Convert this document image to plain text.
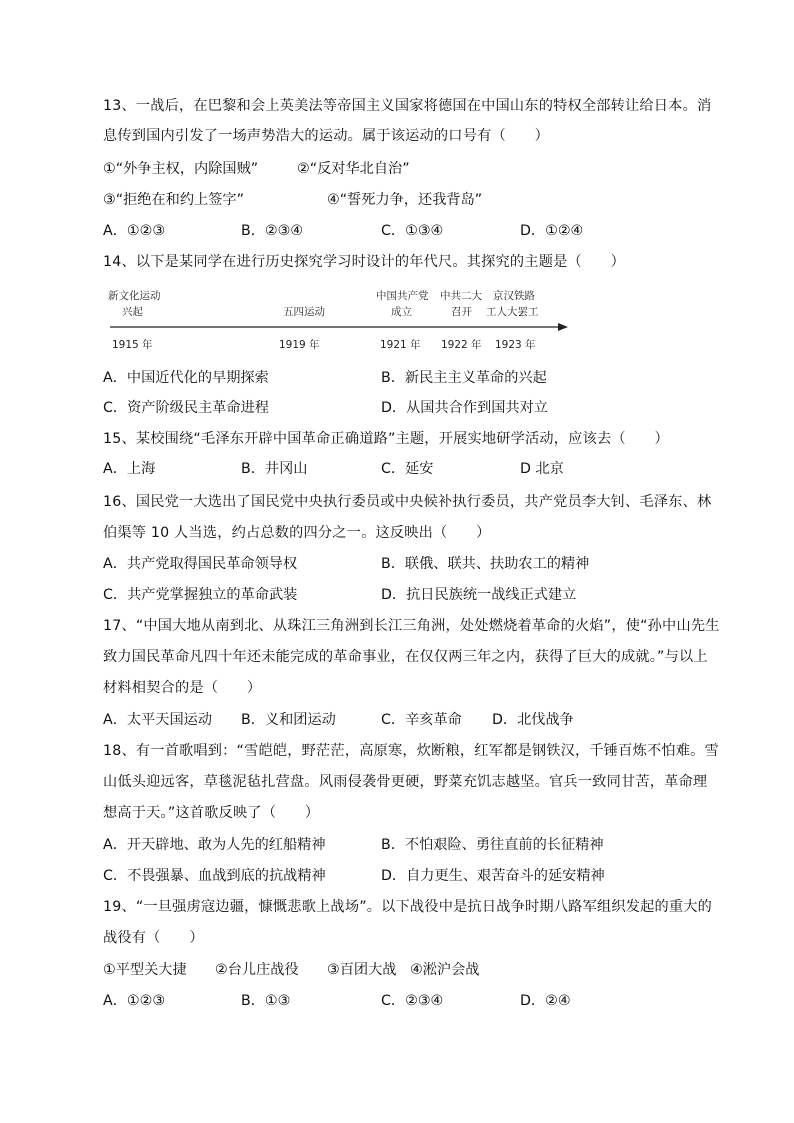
13、一战后，在巴黎和会上英美法等帝国主义国家将德国在中国山东的特权全部转让给日本。消
息传到国内引发了一场声势浩大的运动。属于该运动的口号有（　　）
①“外争主权，内除国贼”	②“反对华北自治”
③“拒绝在和约上签字”	④“誓死力争，还我背岛”
A．①②③	B．②③④	C．①③④	D．①②④
14、以下是某同学在进行历史探究学习时设计的年代尺。其探究的主题是（　　）
新文化运动
兴起	五四运动
中国共产党
成立
中共二大
召开
京汉铁路
工人大罢工
1915 年	1919 年	1921 年 1922 年 1923 年
A．中国近代化的早期探索	B．新民主主义革命的兴起
C．资产阶级民主革命进程	D．从国共合作到国共对立
15、某校围绕“毛泽东开辟中国革命正确道路”主题，开展实地研学活动，应该去（　　）
A．上海	B．井冈山	C．延安	D 北京
16、国民党一大选出了国民党中央执行委员或中央候补执行委员，共产党员李大钊、毛泽东、林
伯渠等 10 人当选，约占总数的四分之一。这反映出（　　）
A．共产党取得国民革命领导权	B．联俄、联共、扶助农工的精神
C．共产党掌握独立的革命武装	D．抗日民族统一战线正式建立
17、“中国大地从南到北、从珠江三角洲到长江三角洲，处处燃烧着革命的火焰”，使“孙中山先生
致力国民革命凡四十年还未能完成的革命事业，在仅仅两三年之内，获得了巨大的成就。”与以上
材料相契合的是（　　）
A．太平天国运动 B．义和团运动	C．辛亥革命 D．北伐战争
18、有一首歌唱到：“雪皑皑，野茫茫，高原寒，炊断粮，红军都是钢铁汉，千锤百炼不怕难。雪
山低头迎远客，草毯泥毡扎营盘。风雨侵袭骨更硬，野菜充饥志越坚。官兵一致同甘苦，革命理
想高于天。”这首歌反映了（　　）
A．开天辟地、敢为人先的红船精神	B．不怕艰险、勇往直前的长征精神
C．不畏强暴、血战到底的抗战精神	D．自力更生、艰苦奋斗的延安精神
19、“一旦强虏寇边疆，慷慨悲歌上战场”。以下战役中是抗日战争时期八路军组织发起的重大的
战役有（　　）
①平型关大捷 ②台儿庄战役 ③百团大战 ④淞沪会战
A．①②③	B．①③	C．②③④	D．②④
